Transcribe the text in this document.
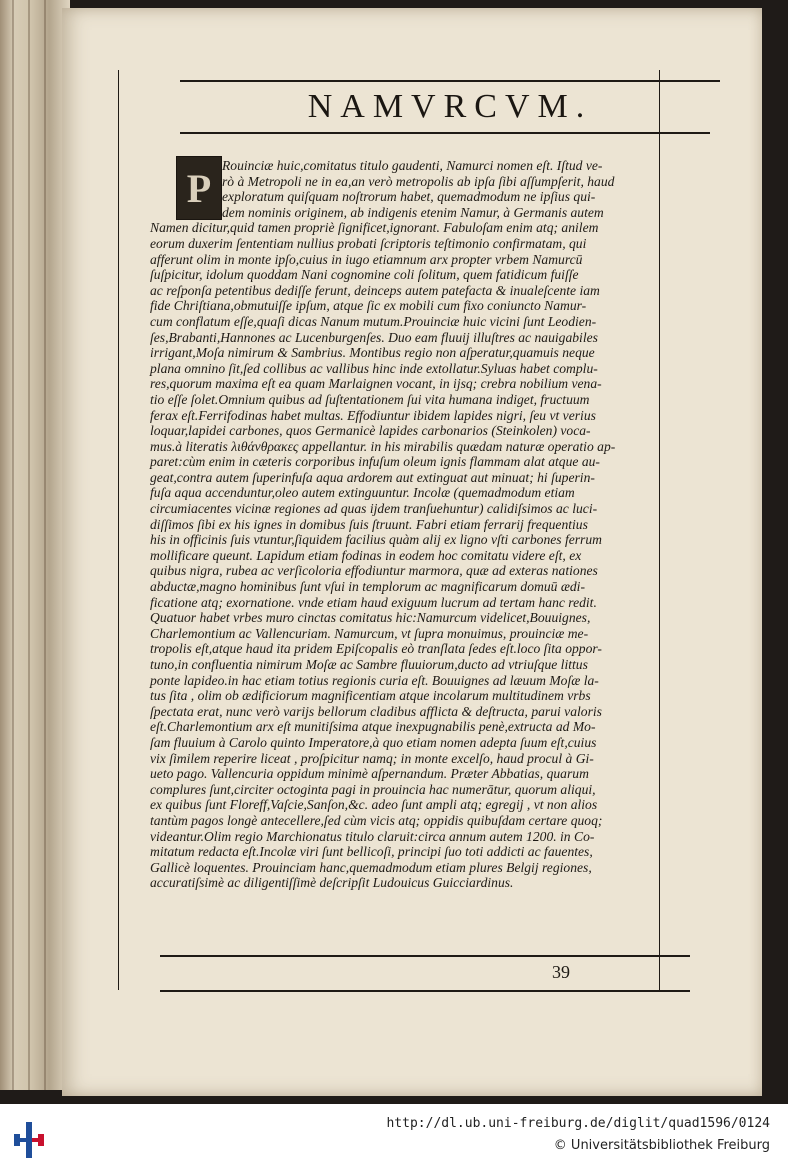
NAMVRCVM.
P Rouinciæ huic,comitatus titulo gaudenti, Namurci nomen eſt. Iſtud ve-
rò à Metropoli ne in ea,an verò metropolis ab ipſa ſibi aſſumpſerit, haud
exploratum quiſquam noſtrorum habet, quemadmodum ne ipſius qui-
dem nominis originem, ab indigenis etenim Namur, à Germanis autem
Namen dicitur,quid tamen propriè ſignificet,ignorant. Fabuloſam enim atq; anilem
eorum duxerim ſententiam nullius probati ſcriptoris teſtimonio confirmatam, qui
afferunt olim in monte ipſo,cuius in iugo etiamnum arx propter vrbem Namurcū
ſuſpicitur, idolum quoddam Nani cognomine coli ſolitum, quem fatidicum fuiſſe
ac reſponſa petentibus dediſſe ferunt, deinceps autem patefacta & inualeſcente iam
fide Chriſtiana,obmutuiſſe ipſum, atque ſic ex mobili cum fixo coniuncto Namur-
cum conflatum eſſe,quaſi dicas Nanum mutum.Prouinciæ huic vicini ſunt Leodien-
ſes,Brabanti,Hannones ac Lucenburgenſes. Duo eam fluuij illuſtres ac nauigabiles
irrigant,Moſa nimirum & Sambrius. Montibus regio non aſperatur,quamuis neque
plana omnino ſit,ſed collibus ac vallibus hinc inde extollatur.Syluas habet complu-
res,quorum maxima eſt ea quam Marlaignen vocant, in ijsq; crebra nobilium vena-
tio eſſe ſolet.Omnium quibus ad ſuſtentationem ſui vita humana indiget, fructuum
ferax eſt.Ferrifodinas habet multas. Effodiuntur ibidem lapides nigri, ſeu vt verius
loquar,lapidei carbones, quos Germanicè lapides carbonarios (Steinkolen) voca-
mus.à literatis λιθάνθρακες appellantur. in his mirabilis quædam naturæ operatio ap-
paret:cùm enim in cæteris corporibus infuſum oleum ignis flammam alat atque au-
geat,contra autem ſuperinfuſa aqua ardorem aut extinguat aut minuat; hi ſuperin-
fuſa aqua accenduntur,oleo autem extinguuntur. Incolæ (quemadmodum etiam
circumiacentes vicinæ regiones ad quas ijdem tranſuehuntur) calidiſsimos ac luci-
diſſimos ſibi ex his ignes in domibus ſuis ſtruunt. Fabri etiam ferrarij frequentius
his in officinis ſuis vtuntur,ſiquidem facilius quàm alij ex ligno vſti carbones ferrum
mollificare queunt. Lapidum etiam fodinas in eodem hoc comitatu videre eſt, ex
quibus nigra, rubea ac verſicoloria effodiuntur marmora, quæ ad exteras nationes
abductæ,magno hominibus ſunt vſui in templorum ac magnificarum domuū ædi-
ficatione atq; exornatione. vnde etiam haud exiguum lucrum ad tertam hanc redit.
Quatuor habet vrbes muro cinctas comitatus hic:Namurcum videlicet,Bouuignes,
Charlemontium ac Vallencuriam. Namurcum, vt ſupra monuimus, prouinciæ me-
tropolis eſt,atque haud ita pridem Epiſcopalis eò tranſlata ſedes eſt.loco ſita oppor-
tuno,in confluentia nimirum Moſæ ac Sambre fluuiorum,ducto ad vtriuſque littus
ponte lapideo.in hac etiam totius regionis curia eſt. Bouuignes ad læuum Moſæ la-
tus ſita , olim ob ædificiorum magnificentiam atque incolarum multitudinem vrbs
ſpectata erat, nunc verò varijs bellorum cladibus afflicta & deſtructa, parui valoris
eſt.Charlemontium arx eſt munitiſsima atque inexpugnabilis penè,extructa ad Mo-
ſam fluuium à Carolo quinto Imperatore,à quo etiam nomen adepta ſuum eſt,cuius
vix ſimilem reperire liceat , proſpicitur namq; in monte excelſo, haud procul à Gi-
ueto pago. Vallencuria oppidum minimè aſpernandum. Præter Abbatias, quarum
complures ſunt,circiter octoginta pagi in prouincia hac numerātur, quorum aliqui,
ex quibus ſunt Floreff,Vaſcie,Sanſon,&c. adeo ſunt ampli atq; egregij , vt non alios
tantùm pagos longè antecellere,ſed cùm vicis atq; oppidis quibuſdam certare quoq;
videantur.Olim regio Marchionatus titulo claruit:circa annum autem 1200. in Co-
mitatum redacta eſt.Incolæ viri ſunt bellicoſi, principi ſuo toti addicti ac fauentes,
Gallicè loquentes. Prouinciam hanc,quemadmodum etiam plures Belgij regiones,
accuratiſsimè ac diligentiſſimè deſcripſit Ludouicus Guicciardinus.
39
http://dl.ub.uni-freiburg.de/diglit/quad1596/0124
© Universitätsbibliothek Freiburg
